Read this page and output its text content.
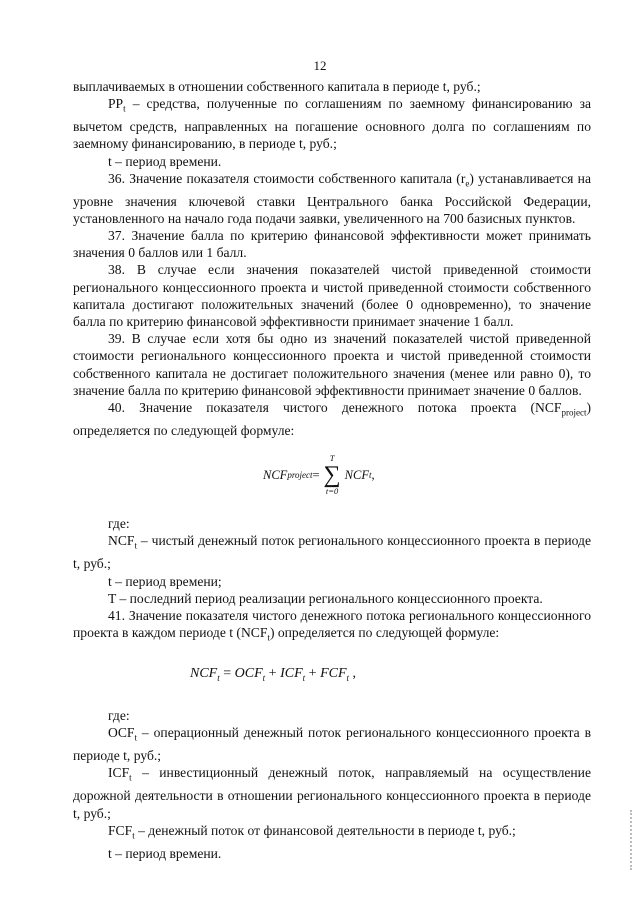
12

выплачиваемых в отношении собственного капитала в периоде t, руб.;

$PP_t$ – средства, полученные по соглашениям по заемному финансированию за вычетом средств, направленных на погашение основного долга по соглашениям по заемному финансированию, в периоде t, руб.;

t – период времени.

36. Значение показателя стоимости собственного капитала $(r_e)$ устанавливается на уровне значения ключевой ставки Центрального банка Российской Федерации, установленного на начало года подачи заявки, увеличенного на 700 базисных пунктов.

37. Значение балла по критерию финансовой эффективности может принимать значения 0 баллов или 1 балл.

38. В случае если значения показателей чистой приведенной стоимости регионального концессионного проекта и чистой приведенной стоимости собственного капитала достигают положительных значений (более 0 одновременно), то значение балла по критерию финансовой эффективности принимает значение 1 балл.

39. В случае если хотя бы одно из значений показателей чистой приведенной стоимости регионального концессионного проекта и чистой приведенной стоимости собственного капитала не достигает положительного значения (менее или равно 0), то значение балла по критерию финансовой эффективности принимает значение 0 баллов.

40. Значение показателя чистого денежного потока проекта $(NCF_{project})$ определяется по следующей формуле:

NCF project =
T
∑
t=0
NCF t ,

где:

$NCF_t$ – чистый денежный поток регионального концессионного проекта в периоде t, руб.;

t – период времени;

T – последний период реализации регионального концессионного проекта.

41. Значение показателя чистого денежного потока регионального концессионного проекта в каждом периоде t $(NCF_t)$ определяется по следующей формуле:

$NCF_t = OCF_t + ICF_t + FCF_t$ ,

где:

$OCF_t$ – операционный денежный поток регионального концессионного проекта в периоде t, руб.;

$ICF_t$ – инвестиционный денежный поток, направляемый на осуществление дорожной деятельности в отношении регионального концессионного проекта в периоде t, руб.;

$FCF_t$ – денежный поток от финансовой деятельности в периоде t, руб.;

t – период времени.
